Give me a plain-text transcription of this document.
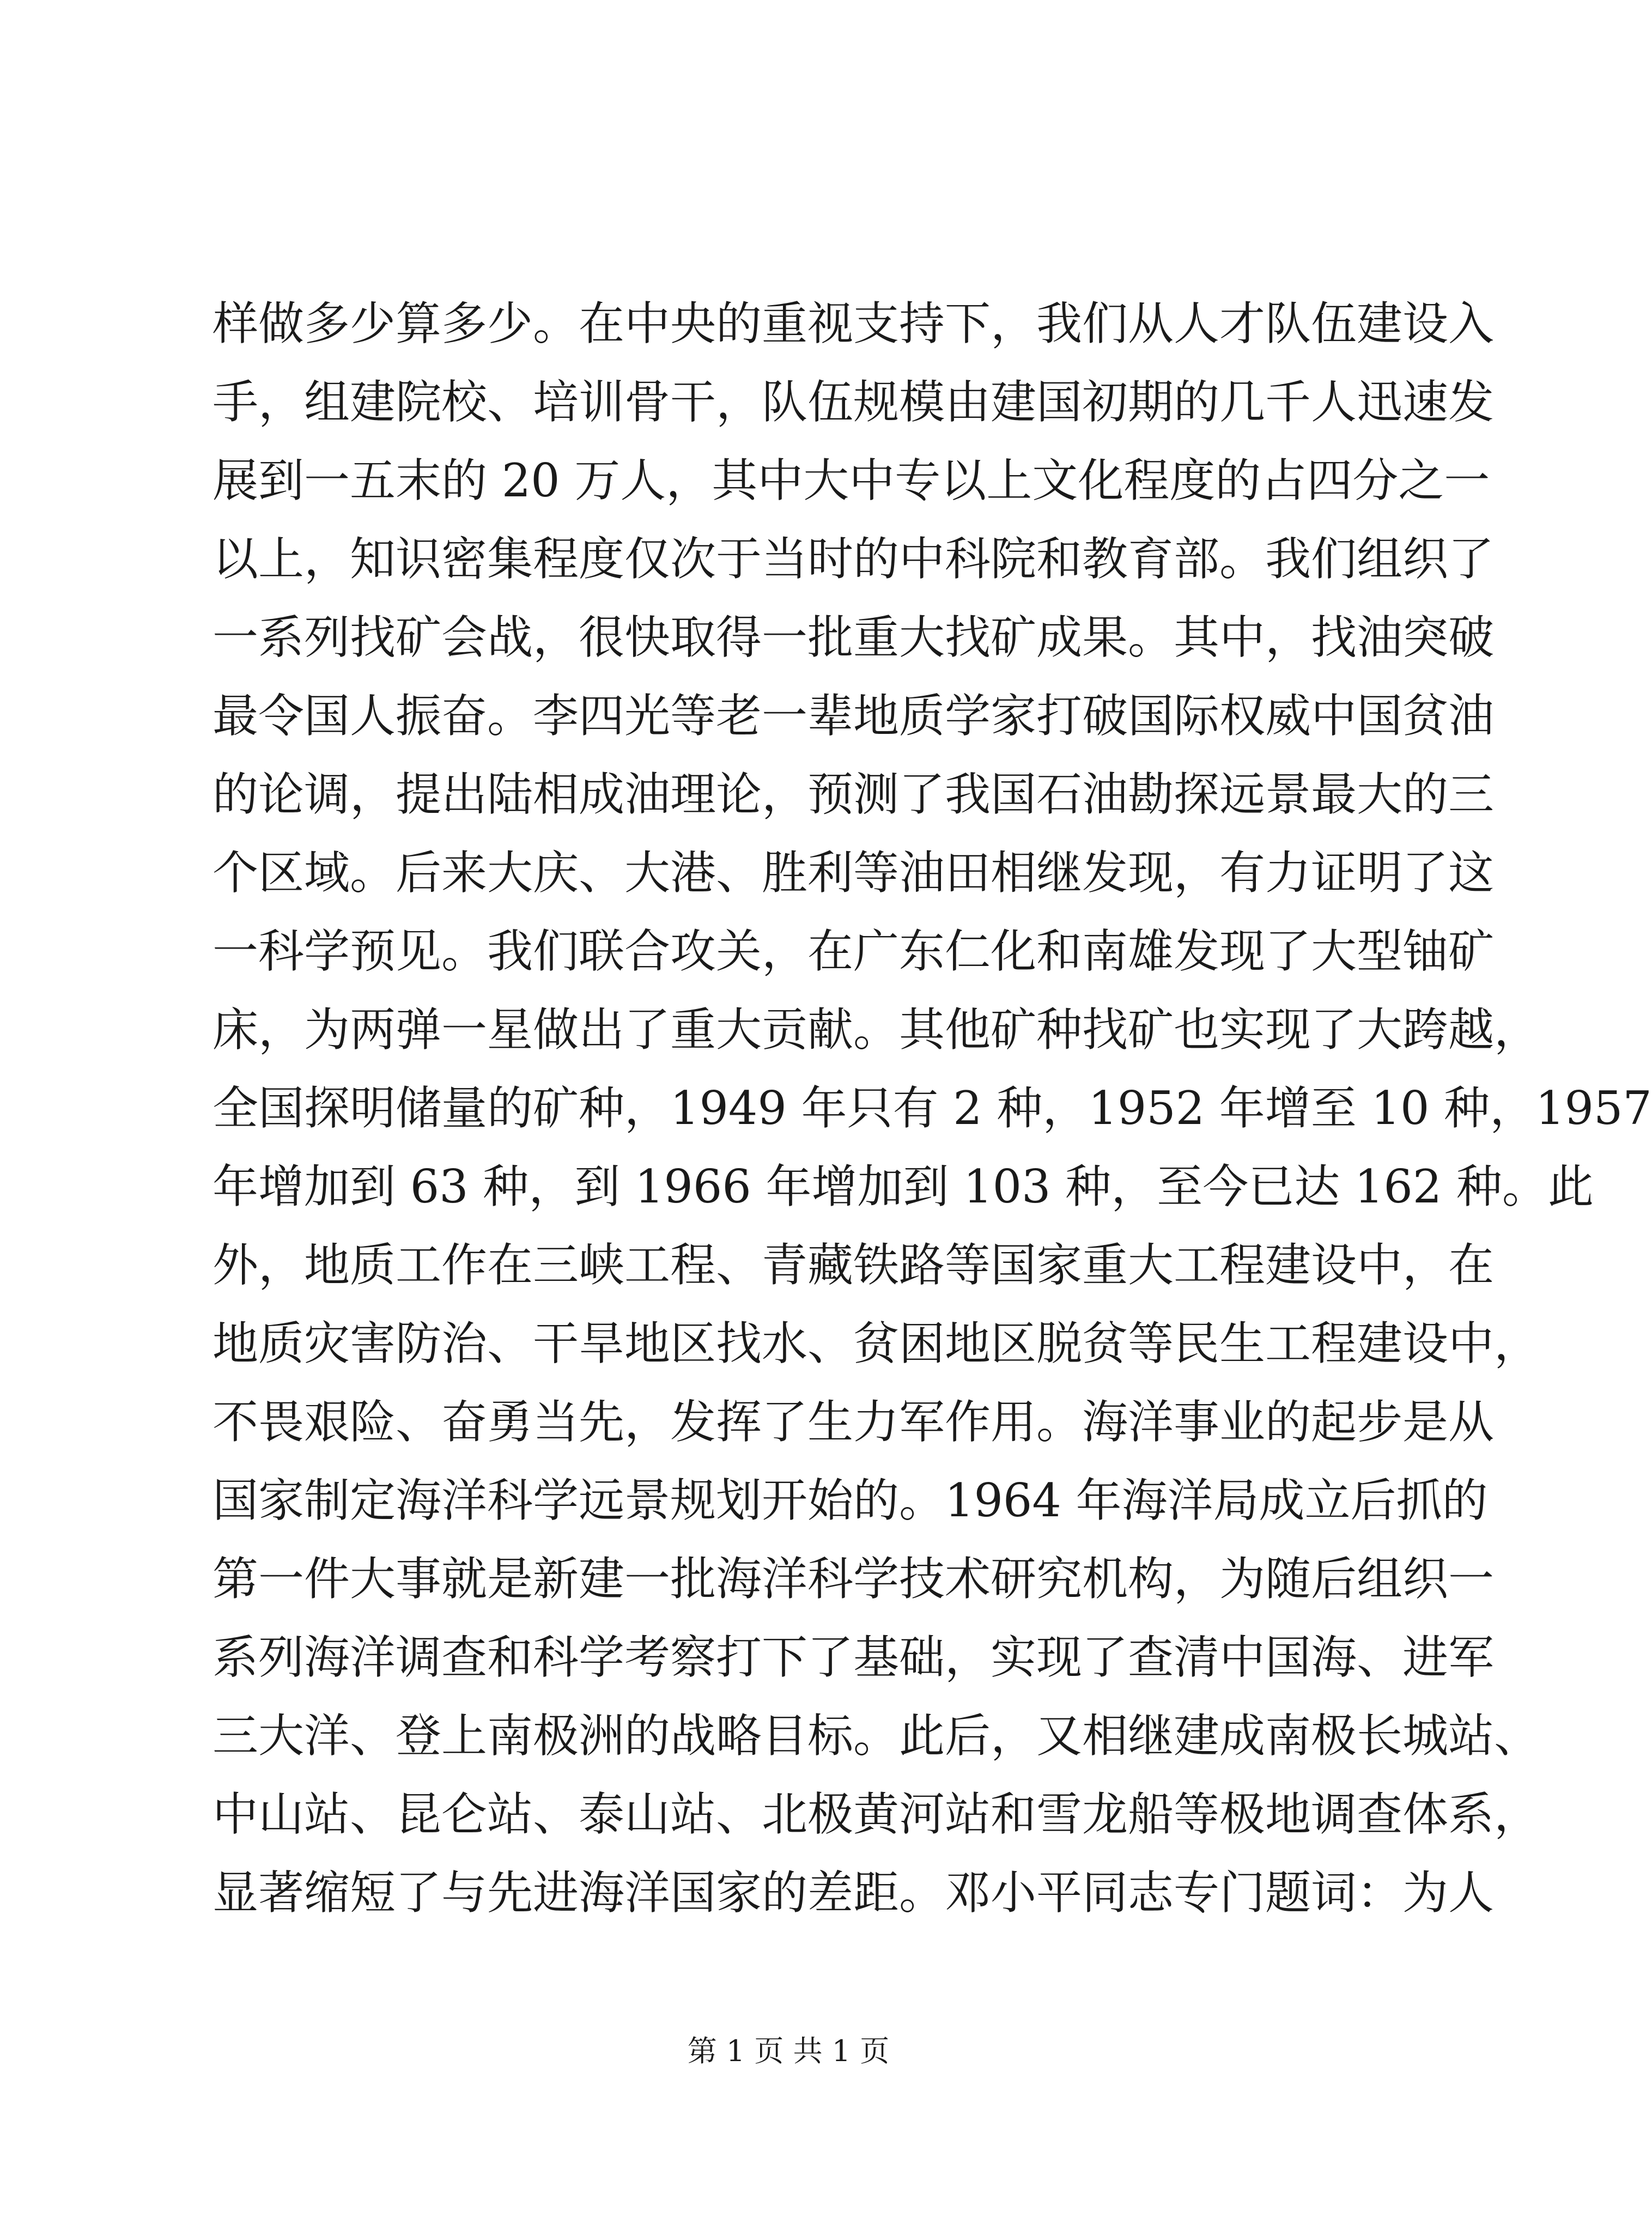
样做多少算多少。在中央的重视支持下，我们从人才队伍建设入
手，组建院校、培训骨干，队伍规模由建国初期的几千人迅速发
展到一五末的 20 万人，其中大中专以上文化程度的占四分之一
以上，知识密集程度仅次于当时的中科院和教育部。我们组织了
一系列找矿会战，很快取得一批重大找矿成果。其中，找油突破
最令国人振奋。李四光等老一辈地质学家打破国际权威中国贫油
的论调，提出陆相成油理论，预测了我国石油勘探远景最大的三
个区域。后来大庆、大港、胜利等油田相继发现，有力证明了这
一科学预见。我们联合攻关，在广东仁化和南雄发现了大型铀矿
床，为两弹一星做出了重大贡献。其他矿种找矿也实现了大跨越，
全国探明储量的矿种，1949 年只有 2 种，1952 年增至 10 种，1957
年增加到 63 种，到 1966 年增加到 103 种，至今已达 162 种。此
外，地质工作在三峡工程、青藏铁路等国家重大工程建设中，在
地质灾害防治、干旱地区找水、贫困地区脱贫等民生工程建设中，
不畏艰险、奋勇当先，发挥了生力军作用。海洋事业的起步是从
国家制定海洋科学远景规划开始的。1964 年海洋局成立后抓的
第一件大事就是新建一批海洋科学技术研究机构，为随后组织一
系列海洋调查和科学考察打下了基础，实现了查清中国海、进军
三大洋、登上南极洲的战略目标。此后，又相继建成南极长城站、
中山站、昆仑站、泰山站、北极黄河站和雪龙船等极地调查体系，
显著缩短了与先进海洋国家的差距。邓小平同志专门题词：为人
第 1 页 共 1 页
